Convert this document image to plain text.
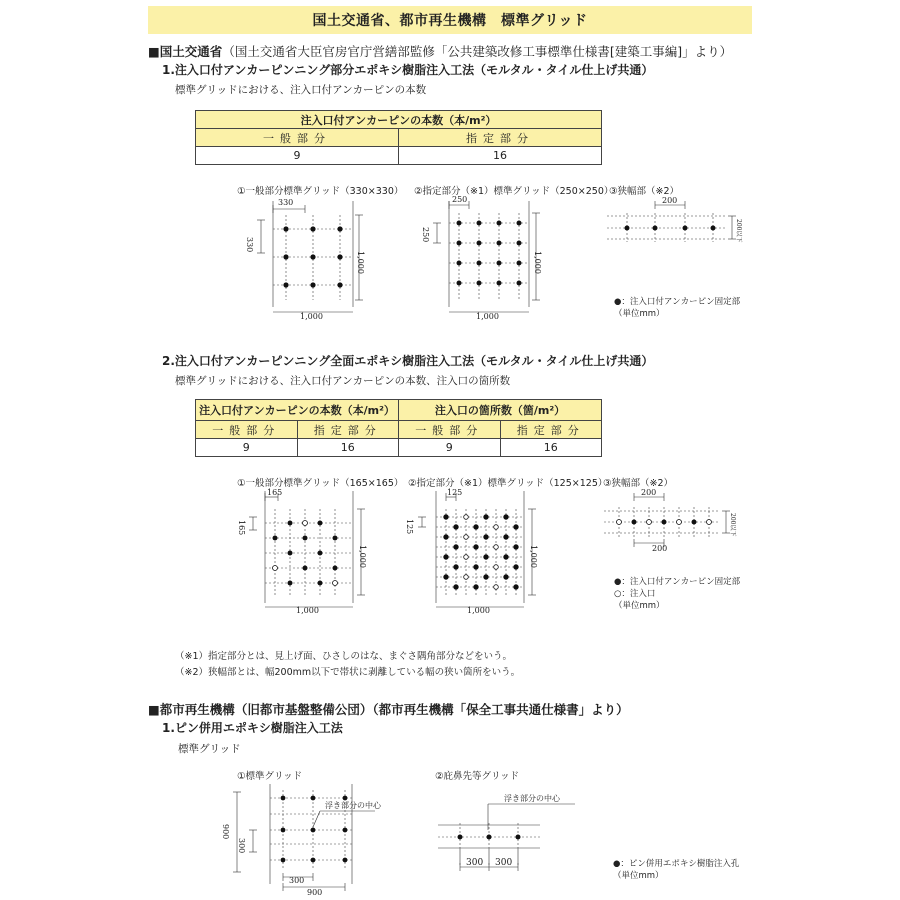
国土交通省、都市再生機構　標準グリッド
■国土交通省（国土交通省大臣官房官庁営繕部監修「公共建築改修工事標準仕様書[建築工事編]」より）
1.注入口付アンカーピンニング部分エポキシ樹脂注入工法（モルタル・タイル仕上げ共通）
標準グリッドにおける、注入口付アンカーピンの本数
注入口付アンカーピンの本数（本/m²）	
一般部分	指定部分
9	16
①一般部分標準グリッド（330×330） ②指定部分（※1）標準グリッド（250×250）
③狭幅部（※2）
330
330
1,000
1,000
250
250
1,000
1,000
200
200以下
●：注入口付アンカーピン固定部
（単位mm）
2.注入口付アンカーピンニング全面エポキシ樹脂注入工法（モルタル・タイル仕上げ共通）
標準グリッドにおける、注入口付アンカーピンの本数、注入口の箇所数
注入口付アンカーピンの本数（本/m²）		注入口の箇所数（箇/m²）	
一般部分	指定部分	一般部分	指定部分
9	16	9	16
①一般部分標準グリッド（165×165） ②指定部分（※1）標準グリッド（125×125）
③狭幅部（※2）
165
165
1,000
1,000
125
125
1,000
1,000
200
200
200以下
●：注入口付アンカーピン固定部
○：注入口
（単位mm）
（※1）指定部分とは、見上げ面、ひさしのはな、まぐさ隅角部分などをいう。
（※2）狭幅部とは、幅200mm以下で帯状に剥離している幅の狭い箇所をいう。
■都市再生機構（旧都市基盤整備公団）（都市再生機構「保全工事共通仕様書」より）
1.ピン併用エポキシ樹脂注入工法
標準グリッド
①標準グリッド	②庇鼻先等グリッド
浮き部分の中心
900
300
300
900
浮き部分の中心
300 300	●：ピン併用エポキシ樹脂注入孔
（単位mm）
